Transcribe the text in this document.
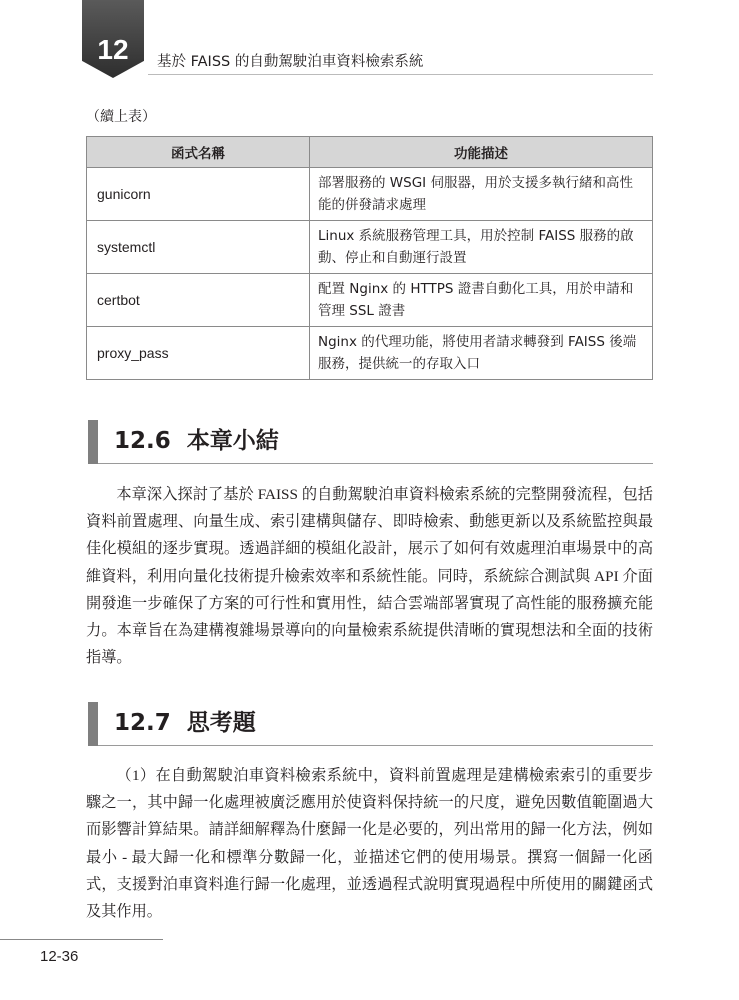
12	基於 FAISS 的自動駕駛泊車資料檢索系統
（續上表）
函式名稱	功能描述
gunicorn	部署服務的 WSGI 伺服器，用於支援多執行緒和高性能的併發請求處理
systemctl	Linux 系統服務管理工具，用於控制 FAISS 服務的啟動、停止和自動運行設置
certbot	配置 Nginx 的 HTTPS 證書自動化工具，用於申請和管理 SSL 證書
proxy_pass	Nginx 的代理功能，將使用者請求轉發到 FAISS 後端服務，提供統一的存取入口
12.6  本章小結

本章深入探討了基於 FAISS 的自動駕駛泊車資料檢索系統的完整開發流程，包括資料前置處理、向量生成、索引建構與儲存、即時檢索、動態更新以及系統監控與最佳化模組的逐步實現。透過詳細的模組化設計，展示了如何有效處理泊車場景中的高維資料，利用向量化技術提升檢索效率和系統性能。同時，系統綜合測試與 API 介面開發進一步確保了方案的可行性和實用性，結合雲端部署實現了高性能的服務擴充能力。本章旨在為建構複雜場景導向的向量檢索系統提供清晰的實現想法和全面的技術指導。

12.7  思考題

（1）在自動駕駛泊車資料檢索系統中，資料前置處理是建構檢索索引的重要步驟之一，其中歸一化處理被廣泛應用於使資料保持統一的尺度，避免因數值範圍過大而影響計算結果。請詳細解釋為什麼歸一化是必要的，列出常用的歸一化方法，例如最小 - 最大歸一化和標準分數歸一化，並描述它們的使用場景。撰寫一個歸一化函式，支援對泊車資料進行歸一化處理，並透過程式說明實現過程中所使用的關鍵函式及其作用。

12-36
